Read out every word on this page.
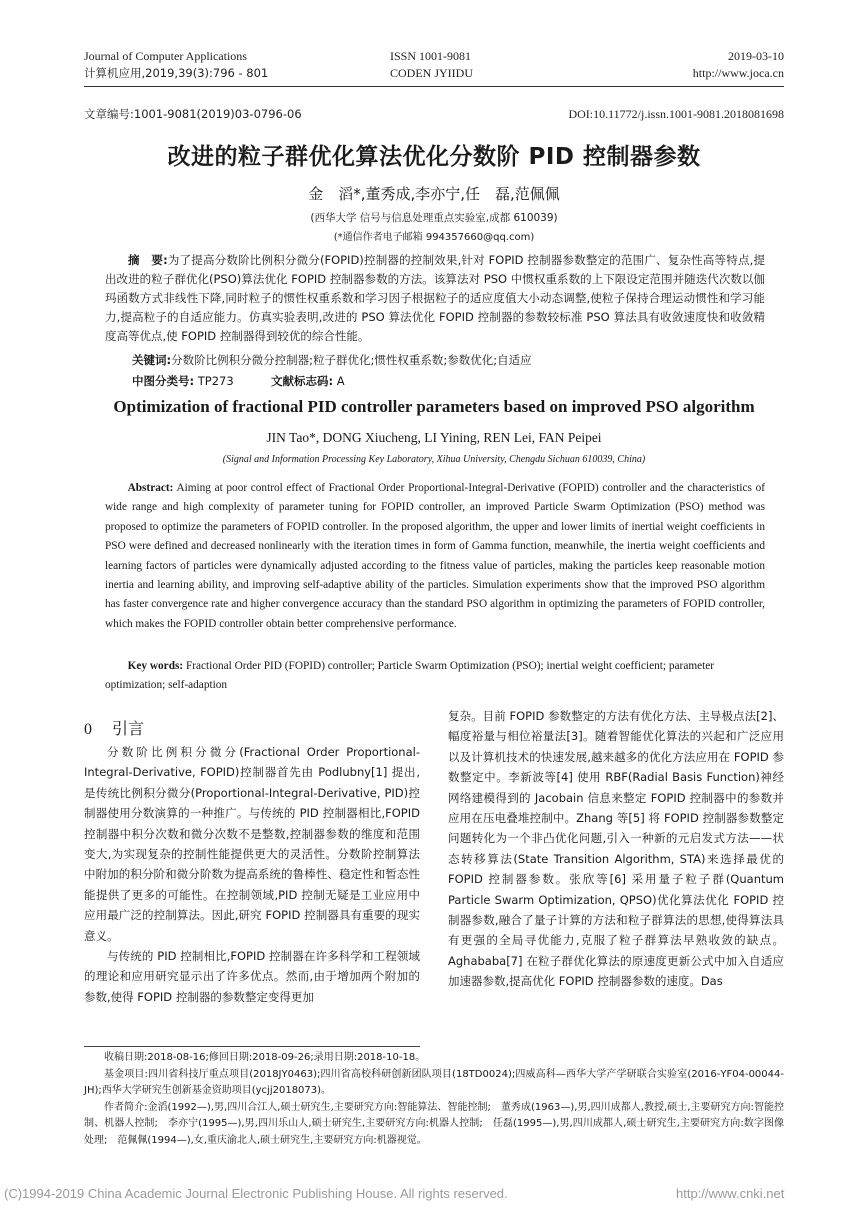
Journal of Computer Applications
计算机应用,2019,39(3):796 - 801
ISSN 1001-9081
CODEN JYIIDU
2019-03-10
http://www.joca.cn
文章编号:1001-9081(2019)03-0796-06	DOI:10.11772/j.issn.1001-9081.2018081698
改进的粒子群优化算法优化分数阶 PID 控制器参数
金　滔*,董秀成,李亦宁,任　磊,范佩佩
(西华大学 信号与信息处理重点实验室,成都 610039)
(*通信作者电子邮箱 994357660@qq.com)

摘　要:为了提高分数阶比例积分微分(FOPID)控制器的控制效果,针对 FOPID 控制器参数整定的范围广、复杂性高等特点,提出改进的粒子群优化(PSO)算法优化 FOPID 控制器参数的方法。该算法对 PSO 中惯权重系数的上下限设定范围并随迭代次数以伽玛函数方式非线性下降,同时粒子的惯性权重系数和学习因子根据粒子的适应度值大小动态调整,使粒子保持合理运动惯性和学习能力,提高粒子的自适应能力。仿真实验表明,改进的 PSO 算法优化 FOPID 控制器的参数较标准 PSO 算法具有收敛速度快和收敛精度高等优点,使 FOPID 控制器得到较优的综合性能。

关键词:分数阶比例积分微分控制器;粒子群优化;惯性权重系数;参数优化;自适应
中图分类号: TP273	文献标志码: A
Optimization of fractional PID controller parameters based on improved PSO algorithm
JIN Tao*, DONG Xiucheng, LI Yining, REN Lei, FAN Peipei
(Signal and Information Processing Key Laboratory, Xihua University, Chengdu Sichuan 610039, China)

Abstract: Aiming at poor control effect of Fractional Order Proportional-Integral-Derivative (FOPID) controller and the characteristics of wide range and high complexity of parameter tuning for FOPID controller, an improved Particle Swarm Optimization (PSO) method was proposed to optimize the parameters of FOPID controller. In the proposed algorithm, the upper and lower limits of inertial weight coefficients in PSO were defined and decreased nonlinearly with the iteration times in form of Gamma function, meanwhile, the inertia weight coefficients and learning factors of particles were dynamically adjusted according to the fitness value of particles, making the particles keep reasonable motion inertia and learning ability, and improving self-adaptive ability of the particles. Simulation experiments show that the improved PSO algorithm has faster convergence rate and higher convergence accuracy than the standard PSO algorithm in optimizing the parameters of FOPID controller, which makes the FOPID controller obtain better comprehensive performance.

Key words: Fractional Order PID (FOPID) controller; Particle Swarm Optimization (PSO); inertial weight coefficient; parameter optimization; self-adaption

0 引言

分数阶比例积分微分(Fractional Order Proportional-Integral-Derivative, FOPID)控制器首先由 Podlubny[1] 提出,是传统比例积分微分(Proportional-Integral-Derivative, PID)控制器使用分数演算的一种推广。与传统的 PID 控制器相比,FOPID 控制器中积分次数和微分次数不是整数,控制器参数的维度和范围变大,为实现复杂的控制性能提供更大的灵活性。分数阶控制算法中附加的积分阶和微分阶数为提高系统的鲁棒性、稳定性和暂态性能提供了更多的可能性。在控制领域,PID 控制无疑是工业应用中应用最广泛的控制算法。因此,研究 FOPID 控制器具有重要的现实意义。

与传统的 PID 控制相比,FOPID 控制器在许多科学和工程领域的理论和应用研究显示出了许多优点。然而,由于增加两个附加的参数,使得 FOPID 控制器的参数整定变得更加

复杂。目前 FOPID 参数整定的方法有优化方法、主导极点法[2]、幅度裕量与相位裕量法[3]。随着智能优化算法的兴起和广泛应用以及计算机技术的快速发展,越来越多的优化方法应用在 FOPID 参数整定中。李新波等[4] 使用 RBF(Radial Basis Function)神经网络建模得到的 Jacobain 信息来整定 FOPID 控制器中的参数并应用在压电叠堆控制中。Zhang 等[5] 将 FOPID 控制器参数整定问题转化为一个非凸优化问题,引入一种新的元启发式方法——状态转移算法(State Transition Algorithm, STA)来选择最优的 FOPID 控制器参数。张欣等[6] 采用量子粒子群(Quantum Particle Swarm Optimization, QPSO)优化算法优化 FOPID 控制器参数,融合了量子计算的方法和粒子群算法的思想,使得算法具有更强的全局寻优能力,克服了粒子群算法早熟收敛的缺点。Aghababa[7] 在粒子群优化算法的原速度更新公式中加入自适应加速器参数,提高优化 FOPID 控制器参数的速度。Das

收稿日期:2018-08-16;修回日期:2018-09-26;录用日期:2018-10-18。

基金项目:四川省科技厅重点项目(2018JY0463);四川省高校科研创新团队项目(18TD0024);四威高科—西华大学产学研联合实验室(2016-YF04-00044-JH);西华大学研究生创新基金资助项目(ycjj2018073)。

作者简介:金滔(1992—),男,四川合江人,硕士研究生,主要研究方向:智能算法、智能控制;　董秀成(1963—),男,四川成都人,教授,硕士,主要研究方向:智能控制、机器人控制;　李亦宁(1995—),男,四川乐山人,硕士研究生,主要研究方向:机器人控制;　任磊(1995—),男,四川成都人,硕士研究生,主要研究方向:数字图像处理;　范佩佩(1994—),女,重庆渝北人,硕士研究生,主要研究方向:机器视觉。

(C)1994-2019 China Academic Journal Electronic Publishing House. All rights reserved.	http://www.cnki.net
